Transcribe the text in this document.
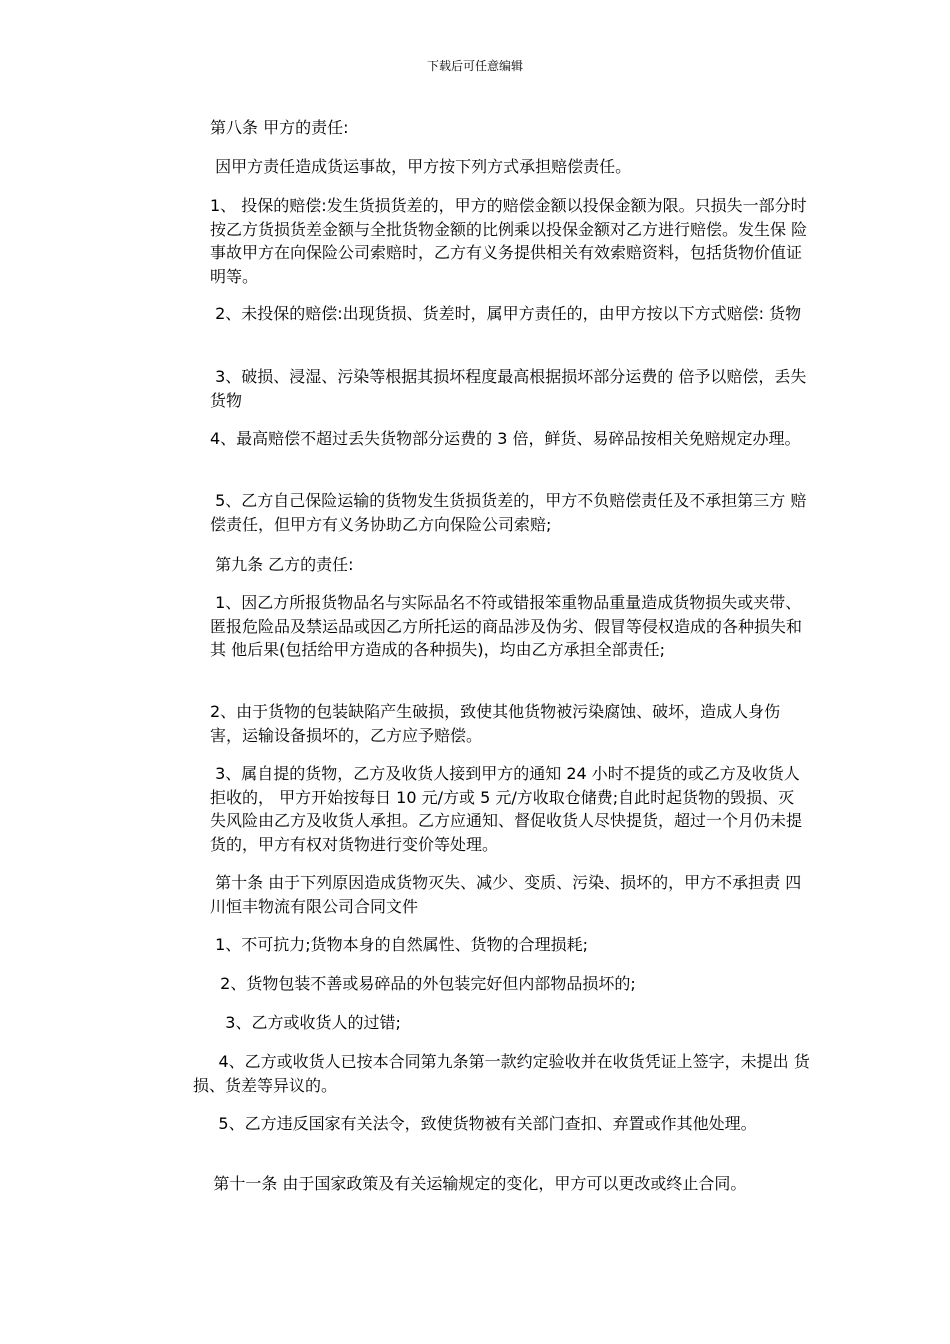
下载后可任意编辑

第八条 甲方的责任:

因甲方责任造成货运事故，甲方按下列方式承担赔偿责任。

1、 投保的赔偿:发生货损货差的，甲方的赔偿金额以投保金额为限。只损失一部分时按乙方货损货差金额与全批货物金额的比例乘以投保金额对乙方进行赔偿。发生保 险事故甲方在向保险公司索赔时，乙方有义务提供相关有效索赔资料，包括货物价值证明等。

2、未投保的赔偿:出现货损、货差时，属甲方责任的，由甲方按以下方式赔偿: 货物

3、破损、浸湿、污染等根据其损坏程度最高根据损坏部分运费的 倍予以赔偿，丢失货物

4、最高赔偿不超过丢失货物部分运费的 3 倍，鲜货、易碎品按相关免赔规定办理。

5、乙方自己保险运输的货物发生货损货差的，甲方不负赔偿责任及不承担第三方 赔偿责任，但甲方有义务协助乙方向保险公司索赔;

第九条 乙方的责任:

1、因乙方所报货物品名与实际品名不符或错报笨重物品重量造成货物损失或夹带、 匿报危险品及禁运品或因乙方所托运的商品涉及伪劣、假冒等侵权造成的各种损失和其 他后果(包括给甲方造成的各种损失)，均由乙方承担全部责任;

2、由于货物的包装缺陷产生破损，致使其他货物被污染腐蚀、破坏，造成人身伤 害，运输设备损坏的，乙方应予赔偿。

3、属自提的货物，乙方及收货人接到甲方的通知 24 小时不提货的或乙方及收货人 拒收的， 甲方开始按每日 10 元/方或 5 元/方收取仓储费;自此时起货物的毁损、灭失风险由乙方及收货人承担。乙方应通知、督促收货人尽快提货，超过一个月仍未提 货的，甲方有权对货物进行变价等处理。

第十条 由于下列原因造成货物灭失、减少、变质、污染、损坏的，甲方不承担责 四川恒丰物流有限公司合同文件

1、不可抗力;货物本身的自然属性、货物的合理损耗;

2、货物包装不善或易碎品的外包装完好但内部物品损坏的;

3、乙方或收货人的过错;

4、乙方或收货人已按本合同第九条第一款约定验收并在收货凭证上签字，未提出 货损、货差等异议的。

5、乙方违反国家有关法令，致使货物被有关部门查扣、弃置或作其他处理。

第十一条 由于国家政策及有关运输规定的变化，甲方可以更改或终止合同。
